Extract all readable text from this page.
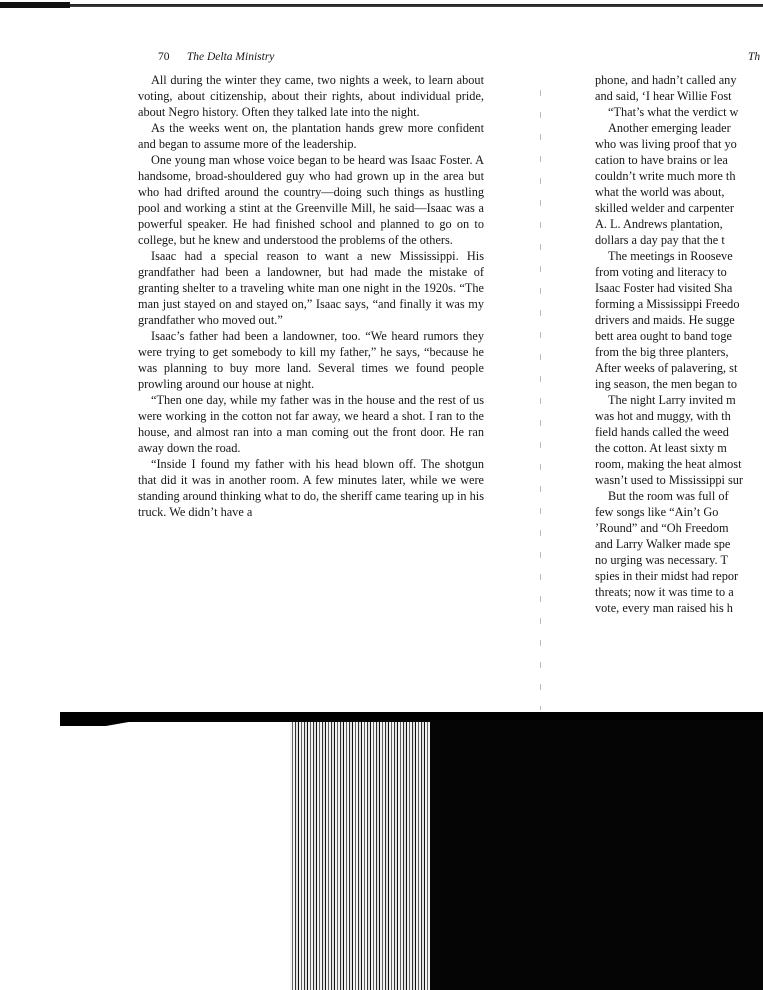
70 The Delta Ministry

All during the winter they came, two nights a week, to learn about voting, about citizenship, about their rights, about individual pride, about Negro history. Often they talked late into the night.

As the weeks went on, the plantation hands grew more confident and began to assume more of the leadership.

One young man whose voice began to be heard was Isaac Foster. A handsome, broad-shouldered guy who had grown up in the area but who had drifted around the country—doing such things as hustling pool and working a stint at the Greenville Mill, he said—Isaac was a powerful speaker. He had finished school and planned to go on to college, but he knew and understood the problems of the others.

Isaac had a special reason to want a new Mississippi. His grandfather had been a landowner, but had made the mistake of granting shelter to a traveling white man one night in the 1920s. “The man just stayed on and stayed on,” Isaac says, “and finally it was my grandfather who moved out.”

Isaac’s father had been a landowner, too. “We heard rumors they were trying to get somebody to kill my father,” he says, “because he was planning to buy more land. Several times we found people prowling around our house at night.

“Then one day, while my father was in the house and the rest of us were working in the cotton not far away, we heard a shot. I ran to the house, and almost ran into a man coming out the front door. He ran away down the road.

“Inside I found my father with his head blown off. The shotgun that did it was in another room. A few minutes later, while we were standing around thinking what to do, the sheriff came tearing up in his truck. We didn’t have a

Th
phone, and hadn’t called any
and said, ‘I hear Willie Fost
“That’s what the verdict w
Another emerging leader
who was living proof that yo
cation to have brains or lea
couldn’t write much more th
what the world was about,
skilled welder and carpenter
A. L. Andrews plantation,
dollars a day pay that the t
The meetings in Rooseve
from voting and literacy to
Isaac Foster had visited Sha
forming a Mississippi Freedo
drivers and maids. He sugge
bett area ought to band toge
from the big three planters,
After weeks of palavering, st
ing season, the men began to
The night Larry invited m
was hot and muggy, with th
field hands called the weed
the cotton. At least sixty m
room, making the heat almost
wasn’t used to Mississippi sur
But the room was full of
few songs like “Ain’t Go
’Round” and “Oh Freedom
and Larry Walker made spe
no urging was necessary. T
spies in their midst had repor
threats; now it was time to a
vote, every man raised his h
